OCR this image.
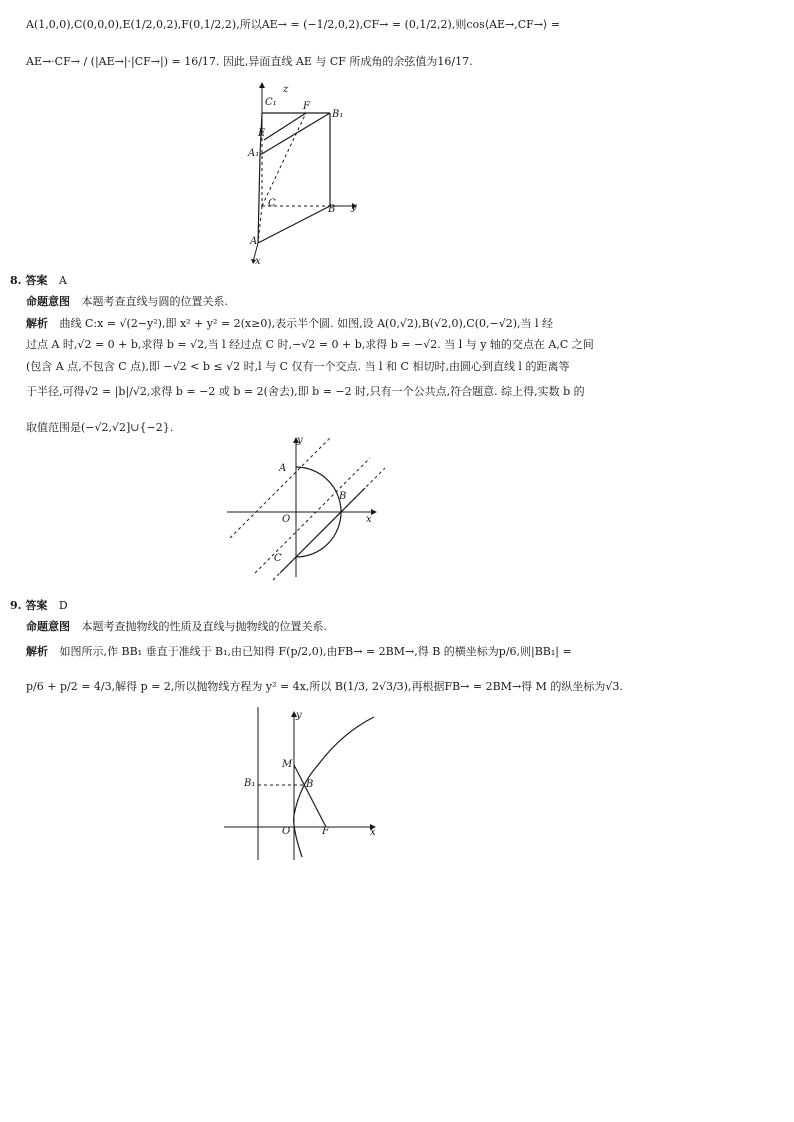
A(1,0,0),C(0,0,0),E(1/2,0,2),F(0,1/2,2),所以AE→ = (−1/2,0,2),CF→ = (0,1/2,2),则cos⟨AE→,CF→⟩ =
AE→·CF→ / (|AE→|·|CF→|) = 16/17. 因此,异面直线 AE 与 CF 所成角的余弦值为16/17.
C₁
z
F
B₁
E
A₁
C
B y
A
x
8. 答案 A
命题意图 本题考查直线与圆的位置关系.
解析 曲线 C:x = √(2−y²),即 x² + y² = 2(x≥0),表示半个圆. 如图,设 A(0,√2),B(√2,0),C(0,−√2),当 l 经
过点 A 时,√2 = 0 + b,求得 b = √2,当 l 经过点 C 时,−√2 = 0 + b,求得 b = −√2. 当 l 与 y 轴的交点在 A,C 之间
(包含 A 点,不包含 C 点),即 −√2 < b ≤ √2 时,l 与 C 仅有一个交点. 当 l 和 C 相切时,由圆心到直线 l 的距离等
于半径,可得√2 = |b|/√2,求得 b = −2 或 b = 2(舍去),即 b = −2 时,只有一个公共点,符合题意. 综上得,实数 b 的
取值范围是(−√2,√2]∪{−2}.
y
A
B
O	x
C
9. 答案 D
命题意图 本题考查抛物线的性质及直线与抛物线的位置关系.
解析 如图所示,作 BB₁ 垂直于准线于 B₁,由已知得 F(p/2,0),由FB→ = 2BM→,得 B 的横坐标为p/6,则|BB₁| =
p/6 + p/2 = 4/3,解得 p = 2,所以抛物线方程为 y² = 4x,所以 B(1/3, 2√3/3),再根据FB→ = 2BM→得 M 的纵坐标为√3.
y
M
B₁	B
O	F	x
